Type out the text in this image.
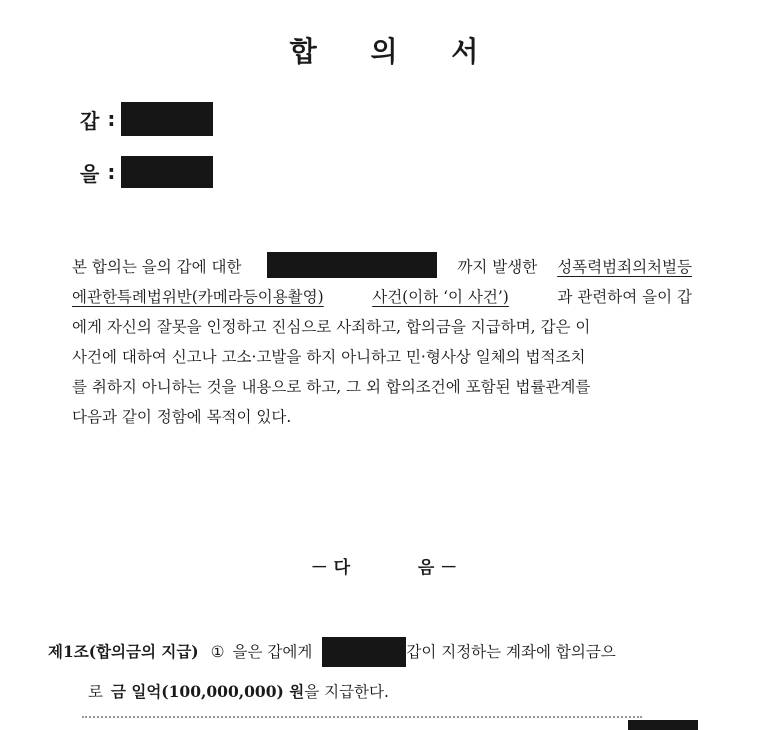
합 의 서
갑 :
을 :
본 합의는 을의 갑에 대한	까지 발생한 성폭력범죄의처벌등
에관한특례법위반(카메라등이용촬영)	사건(이하 ‘이 사건’)	과 관련하여 을이 갑
에게 자신의 잘못을 인정하고 진심으로 사죄하고, 합의금을 지급하며, 갑은 이
사건에 대하여 신고나 고소·고발을 하지 아니하고 민·형사상 일체의 법적조치
를 취하지 아니하는 것을 내용으로 하고, 그 외 합의조건에 포함된 법률관계를
다음과 같이 정함에 목적이 있다.
－ 다	음 －
제1조(합의금의 지급) ① 을은 갑에게	갑이 지정하는 계좌에 합의금으
로 금 일억(100,000,000) 원 을 지급한다.
